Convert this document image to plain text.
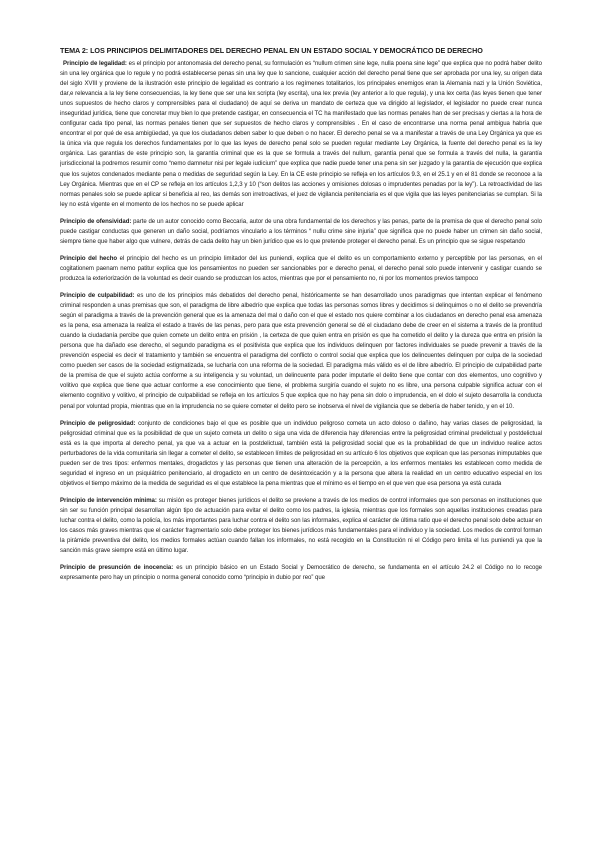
TEMA 2: LOS PRINCIPIOS DELIMITADORES DEL DERECHO PENAL EN UN ESTADO SOCIAL Y DEMOCRÁTICO DE DERECHO

Principio de legalidad: es el principio por antonomasia del derecho penal, su formulación es “nullum crimen sine lege, nulla poena sine lege” que explica que no podrá haber delito sin una ley orgánica que lo regule y no podrá establecerse penas sin una ley que lo sancione, cualquier acción del derecho penal tiene que ser aprobada por una ley, su origen data del siglo XVIII y proviene de la ilustración este principio de legalidad es contrario a los regímenes totalitarios, los principales enemigos eran la Alemania nazi y la Unión Soviética, dar,e relevancia a la ley tiene consecuencias, la ley tiene que ser una lex scripta (ley escrita), una lex previa (ley anterior a lo que regula), y una lex certa (las leyes tienen que tener unos supuestos de hecho claros y comprensibles para el ciudadano) de aquí se deriva un mandato de certeza que va dirigido al legislador, el legislador no puede crear nunca inseguridad jurídica, tiene que concretar muy bien lo que pretende castigar, en consecuencia el TC ha manifestado que las normas penales han de ser precisas y ciertas a la hora de configurar cada tipo penal, las normas penales tienen que ser supuestos de hecho claros y comprensibles . En el caso de encontrarse una norma penal ambigua habría que encontrar el por qué de esa ambigüedad, ya que los ciudadanos deben saber lo que deben o no hacer. El derecho penal se va a manifestar a través de una Ley Orgánica ya que es la única vía que regula los derechos fundamentales por lo que las leyes de derecho penal solo se pueden regular mediante Ley Orgánica, la fuente del derecho penal es la ley orgánica. Las garantías de este principio son, la garantía criminal que es la que se formula a través del nullum, garantía penal que se formula a través del nulla, la garantía jurisdiccional la podremos resumir como “nemo damnetur nisi per legale iudicium” que explica que nadie puede tener una pena sin ser juzgado y la garantía de ejecución que explica que los sujetos condenados mediante pena o medidas de seguridad según la Ley. En la CE este principio se refleja en los artículos 9.3, en el 25.1 y en el 81 donde se reconoce a la Ley Orgánica. Mientras que en el CP se refleja en los artículos 1,2,3 y 10 (“son delitos las acciones y omisiones dolosas o imprudentes penadas por la ley”). La retroactividad de las normas penales solo se puede aplicar si beneficia al reo, las demás son irretroactivas, el juez de vigilancia penitenciaria es el que vigila que las leyes penitenciarias se cumplan. Si la ley no está vigente en el momento de los hechos no se puede aplicar

Principio de ofensividad: parte de un autor conocido como Beccaria, autor de una obra fundamental de los derechos y las penas, parte de la premisa de que el derecho penal solo puede castigar conductas que generen un daño social, podríamos vincularlo a los términos “ nullu crime sine injuria” que significa que no puede haber un crimen sin daño social, siempre tiene que haber algo que vulnere, detrás de cada delito hay un bien jurídico que es lo que pretende proteger el derecho penal. Es un principio que se sigue respetando

Principio del hecho el principio del hecho es un principio limitador del ius puniendi, explica que el delito es un comportamiento externo y perceptible por las personas, en el cogitationem paenam nemo patitur explica que los pensamientos no pueden ser sancionables por e derecho penal, el derecho penal solo puede intervenir y castigar cuando se produzca la exteriorización de la voluntad es decir cuando se produzcan los actos, mientras que por el pensamiento no, ni por los momentos previos tampoco

Principio de culpabilidad: es uno de los principios más debatidos del derecho penal, históricamente se han desarrollado unos paradigmas que intentan explicar el fenómeno criminal responden a unas premisas que son, el paradigma de libre albedrío que explica que todas las personas somos libres y decidimos si delinquimos o no el delito se prevendría según el paradigma a través de la prevención general que es la amenaza del mal o daño con el que el estado nos quiere combinar a los ciudadanos en derecho penal esa amenaza es la pena, esa amenaza la realiza el estado a través de las penas, pero para que esta prevención general se dé el ciudadano debe de creer en el sistema a través de la prontitud cuando la ciudadanía percibe que quien comete un delito entra en prisión , la certeza de que quien entra en prisión es que ha cometido el delito y la dureza que entra en prisión la persona que ha dañado ese derecho, el segundo paradigma es el positivista que explica que los individuos delinquen por factores individuales se puede prevenir a través de la prevención especial es decir el tratamiento y también se encuentra el paradigma del conflicto o control social que explica que los delincuentes delinquen por culpa de la sociedad como pueden ser casos de la sociedad estigmatizada, se lucharía con una reforma de la sociedad. El paradigma más válido es el de libre albedrío. El principio de culpabilidad parte de la premisa de que el sujeto actúa conforme a su inteligencia y su voluntad, un delincuente para poder imputarle el delito tiene que contar con dos elementos, uno cognitivo y volitivo que explica que tiene que actuar conforme a ese conocimiento que tiene, el problema surgiría cuando el sujeto no es libre, una persona culpable significa actuar con el elemento cognitivo y volitivo, el principio de culpabilidad se refleja en los artículos 5 que explica que no hay pena sin dolo o imprudencia, en el dolo el sujeto desarrolla la conducta penal por voluntad propia, mientras que en la imprudencia no se quiere cometer el delito pero se inobserva el nivel de vigilancia que se debería de haber tenido, y en el 10.

Principio de peligrosidad: conjunto de condiciones bajo el que es posible que un individuo peligroso cometa un acto doloso o dañino, hay varias clases de peligrosidad, la peligrosidad criminal que es la posibilidad de que un sujeto cometa un delito o siga una vida de diferencia hay diferencias entre la peligrosidad criminal predelictual y postdelictual está es la que importa al derecho penal, ya que va a actuar en la postdelictual, también está la peligrosidad social que es la probabilidad de que un individuo realice actos perturbadores de la vida comunitaria sin llegar a cometer el delito, se establecen límites de peligrosidad en su artículo 6 los objetivos que explican que las personas inimputables que pueden ser de tres tipos: enfermos mentales, drogadictos y las personas que tienen una alteración de la percepción, a los enfermos mentales les establecen como medida de seguridad el ingreso en un psiquiátrico penitenciario, al drogadicto en un centro de desintoxicación y a la persona que altera la realidad en un centro educativo especial en los objetivos el tiempo máximo de la medida de seguridad es el que establece la pena mientras que el mínimo es el tiempo en el que ven que esa persona ya está curada

Principio de intervención mínima: su misión es proteger bienes jurídicos el delito se previene a través de los medios de control informales que son personas en instituciones que sin ser su función principal desarrollan algún tipo de actuación para evitar el delito como los padres, la iglesia, mientras que los formales son aquellas instituciones creadas para luchar contra el delito, como la policía, los más importantes para luchar contra el delito son las informales, explica el carácter de última ratio que el derecho penal solo debe actuar en los casos más graves mientras que el carácter fragmentario solo debe proteger los bienes jurídicos más fundamentales para el individuo y la sociedad. Los medios de control forman la pirámide preventiva del delito, los medios formales actúan cuando fallan los informales, no está recogido en la Constitución ni el Código pero limita el Ius puniendi ya que la sanción más grave siempre está en último lugar.

Principio de presunción de inocencia: es un principio básico en un Estado Social y Democrático de derecho, se fundamenta en el artículo 24.2 el Código no lo recoge expresamente pero hay un principio o norma general conocido como “principio in dubio por reo” que
